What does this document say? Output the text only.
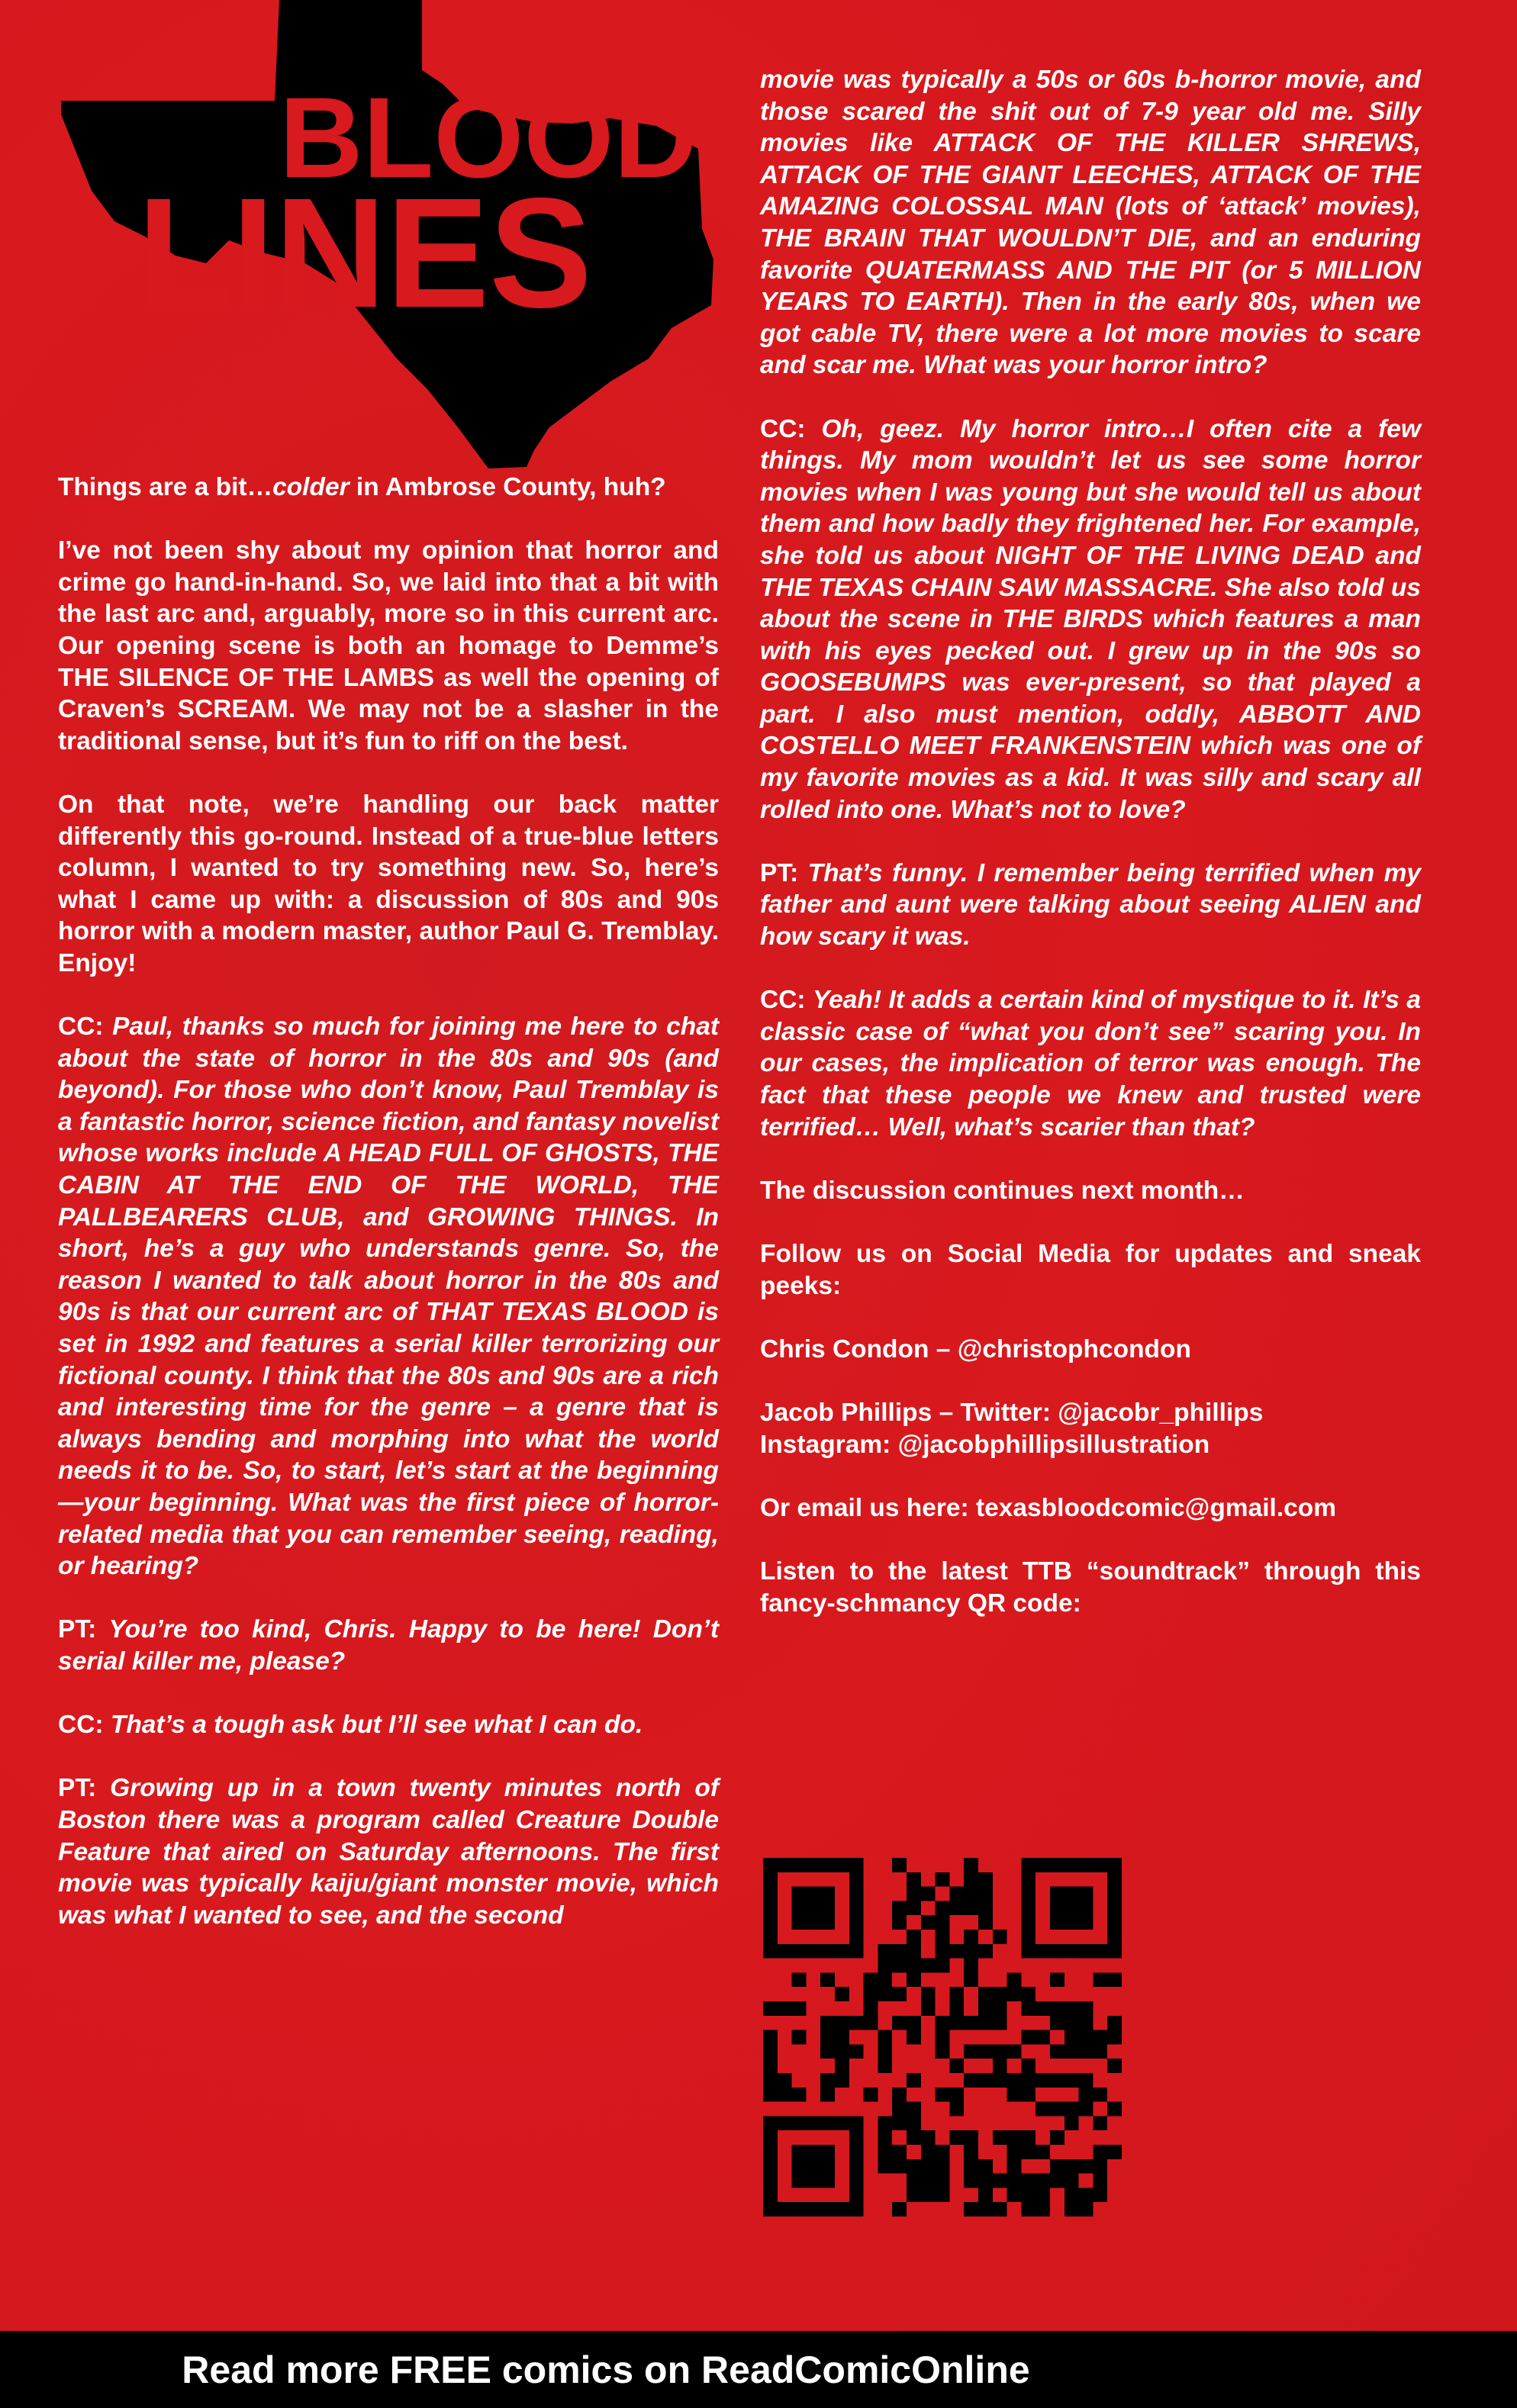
BLOOD
LINES

Things are a bit…colder in Ambrose County, huh?

I’ve not been shy about my opinion that horror and crime go hand-in-hand. So, we laid into that a bit with the last arc and, arguably, more so in this current arc. Our opening scene is both an homage to Demme’s THE SILENCE OF THE LAMBS as well the opening of Craven’s SCREAM. We may not be a slasher in the traditional sense, but it’s fun to riff on the best.

On that note, we’re handling our back matter differently this go-round. Instead of a true-blue letters column, I wanted to try something new. So, here’s what I came up with: a discussion of 80s and 90s horror with a modern master, author Paul G. Tremblay. Enjoy!

CC: Paul, thanks so much for joining me here to chat about the state of horror in the 80s and 90s (and beyond). For those who don’t know, Paul Tremblay is a fantastic horror, science fiction, and fantasy novelist whose works include A HEAD FULL OF GHOSTS, THE CABIN AT THE END OF THE WORLD, THE PALLBEARERS CLUB, and GROWING THINGS. In short, he’s a guy who understands genre. So, the reason I wanted to talk about horror in the 80s and 90s is that our current arc of THAT TEXAS BLOOD is set in 1992 and features a serial killer terrorizing our fictional county. I think that the 80s and 90s are a rich and interesting time for the genre – a genre that is always bending and morphing into what the world needs it to be. So, to start, let’s start at the beginning—your beginning. What was the first piece of horror-related media that you can remember seeing, reading, or hearing?

PT: You’re too kind, Chris. Happy to be here! Don’t serial killer me, please?

CC: That’s a tough ask but I’ll see what I can do.

PT: Growing up in a town twenty minutes north of Boston there was a program called Creature Double Feature that aired on Saturday afternoons. The first movie was typically kaiju/giant monster movie, which was what I wanted to see, and the second

movie was typically a 50s or 60s b-horror movie, and those scared the shit out of 7-9 year old me. Silly movies like ATTACK OF THE KILLER SHREWS, ATTACK OF THE GIANT LEECHES, ATTACK OF THE AMAZING COLOSSAL MAN (lots of ‘attack’ movies), THE BRAIN THAT WOULDN’T DIE, and an enduring favorite QUATERMASS AND THE PIT (or 5 MILLION YEARS TO EARTH). Then in the early 80s, when we got cable TV, there were a lot more movies to scare and scar me. What was your horror intro?

CC: Oh, geez. My horror intro…I often cite a few things. My mom wouldn’t let us see some horror movies when I was young but she would tell us about them and how badly they frightened her. For example, she told us about NIGHT OF THE LIVING DEAD and THE TEXAS CHAIN SAW MASSACRE. She also told us about the scene in THE BIRDS which features a man with his eyes pecked out. I grew up in the 90s so GOOSEBUMPS was ever-present, so that played a part. I also must mention, oddly, ABBOTT AND COSTELLO MEET FRANKENSTEIN which was one of my favorite movies as a kid. It was silly and scary all rolled into one. What’s not to love?

PT: That’s funny. I remember being terrified when my father and aunt were talking about seeing ALIEN and how scary it was.

CC: Yeah! It adds a certain kind of mystique to it. It’s a classic case of “what you don’t see” scaring you. In our cases, the implication of terror was enough. The fact that these people we knew and trusted were terrified… Well, what’s scarier than that?

The discussion continues next month…

Follow us on Social Media for updates and sneak peeks:

Chris Condon – @christophcondon

Jacob Phillips – Twitter: @jacobr_phillips
Instagram: @jacobphillipsillustration

Or email us here: texasbloodcomic@gmail.com

Listen to the latest TTB “soundtrack” through this fancy-schmancy QR code:

Read more FREE comics on ReadComicOnline
